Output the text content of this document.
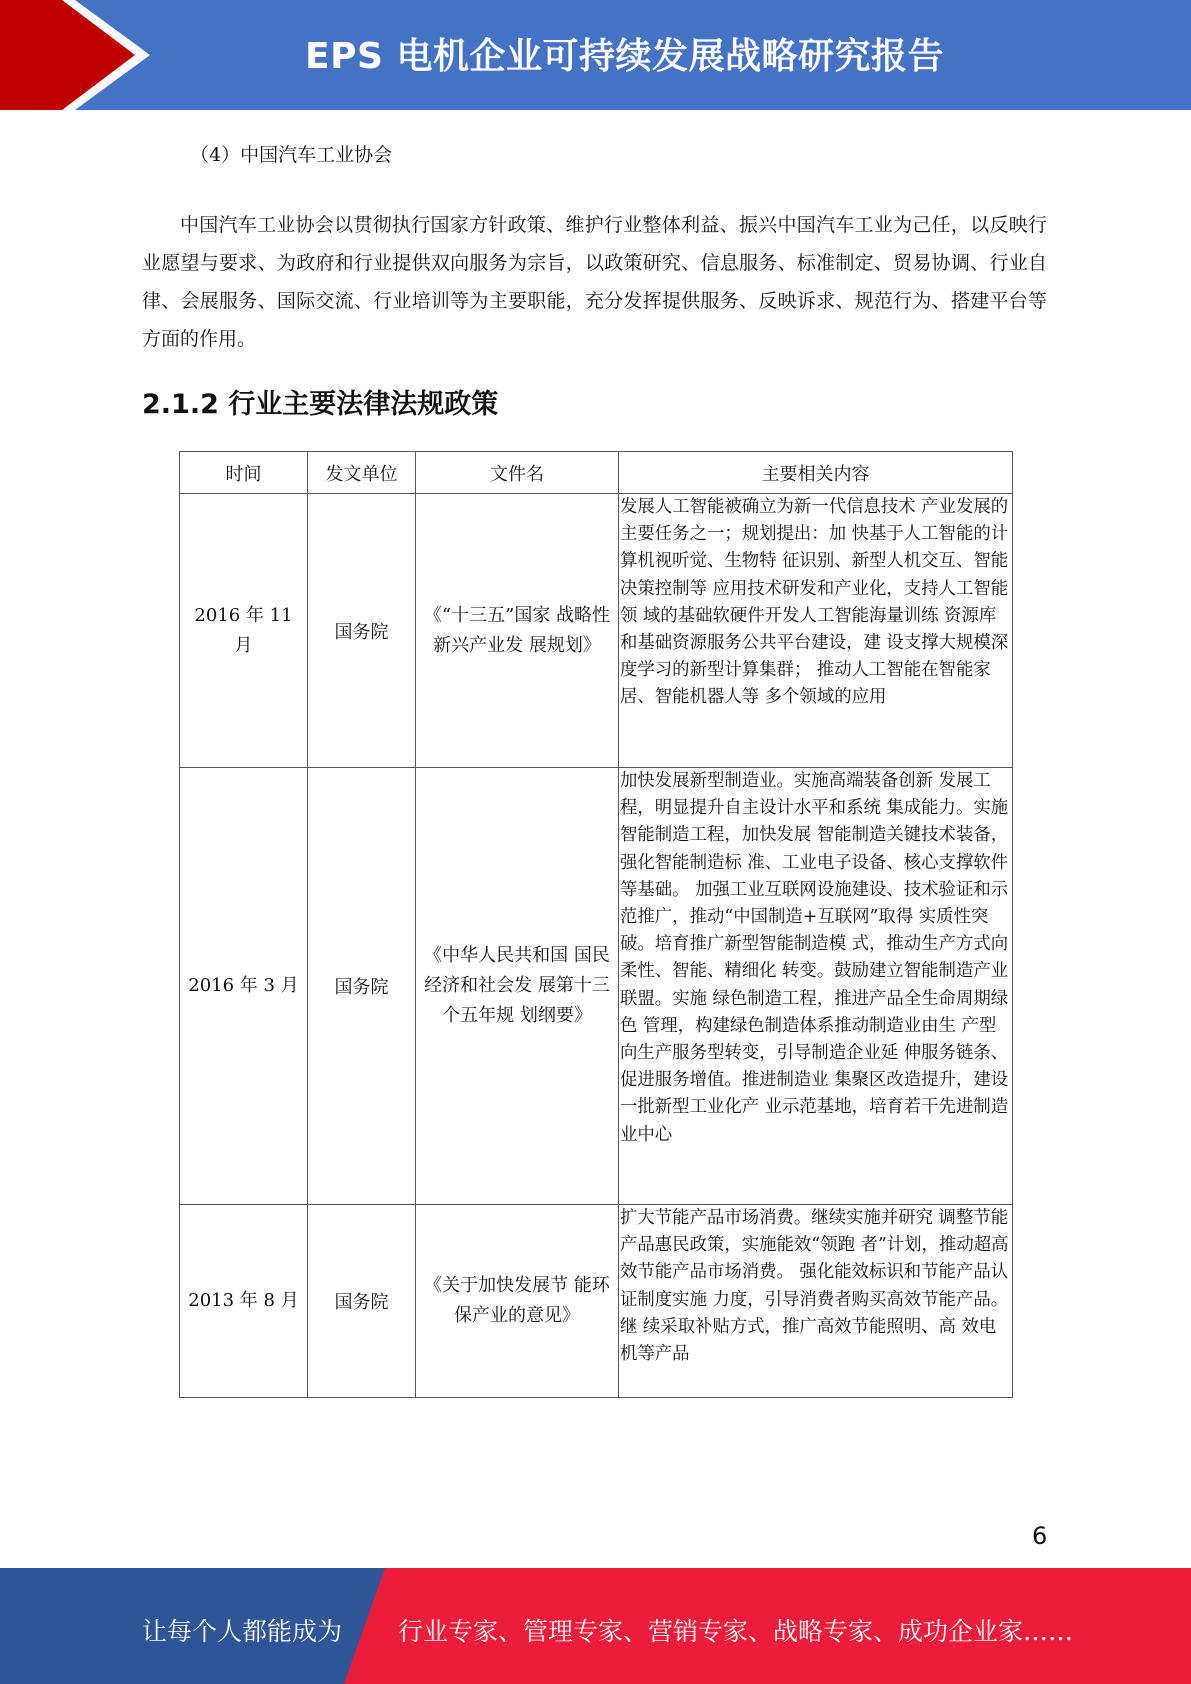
EPS 电机企业可持续发展战略研究报告
（4）中国汽车工业协会

中国汽车工业协会以贯彻执行国家方针政策、维护行业整体利益、振兴中国汽车工业为己任，以反映行业愿望与要求、为政府和行业提供双向服务为宗旨，以政策研究、信息服务、标准制定、贸易协调、行业自律、会展服务、国际交流、行业培训等为主要职能，充分发挥提供服务、反映诉求、规范行为、搭建平台等方面的作用。

2.1.2 行业主要法律法规政策
时间	发文单位	文件名	主要相关内容
2016 年 11 月	国务院	《“十三五”国家 战略性新兴产业发 展规划》	发展人工智能被确立为新一代信息技术 产业发展的主要任务之一；规划提出：加 快基于人工智能的计算机视听觉、生物特 征识别、新型人机交互、智能决策控制等 应用技术研发和产业化，支持人工智能领 域的基础软硬件开发人工智能海量训练 资源库和基础资源服务公共平台建设，建 设支撑大规模深度学习的新型计算集群； 推动人工智能在智能家居、智能机器人等 多个领域的应用
2016 年 3 月	国务院	《中华人民共和国 国民经济和社会发 展第十三个五年规 划纲要》	加快发展新型制造业。实施高端装备创新 发展工程，明显提升自主设计水平和系统 集成能力。实施智能制造工程，加快发展 智能制造关键技术装备，强化智能制造标 准、工业电子设备、核心支撑软件等基础。 加强工业互联网设施建设、技术验证和示 范推广，推动“中国制造+互联网”取得 实质性突破。培育推广新型智能制造模 式，推动生产方式向柔性、智能、精细化 转变。鼓励建立智能制造产业联盟。实施 绿色制造工程，推进产品全生命周期绿色 管理，构建绿色制造体系推动制造业由生 产型向生产服务型转变，引导制造企业延 伸服务链条、促进服务增值。推进制造业 集聚区改造提升，建设一批新型工业化产 业示范基地，培育若干先进制造业中心
2013 年 8 月	国务院	《关于加快发展节 能环保产业的意见》	扩大节能产品市场消费。继续实施并研究 调整节能产品惠民政策，实施能效“领跑 者”计划，推动超高效节能产品市场消费。 强化能效标识和节能产品认证制度实施 力度，引导消费者购买高效节能产品。继 续采取补贴方式，推广高效节能照明、高 效电机等产品
6
让每个人都能成为 行业专家、管理专家、营销专家、战略专家、成功企业家……
